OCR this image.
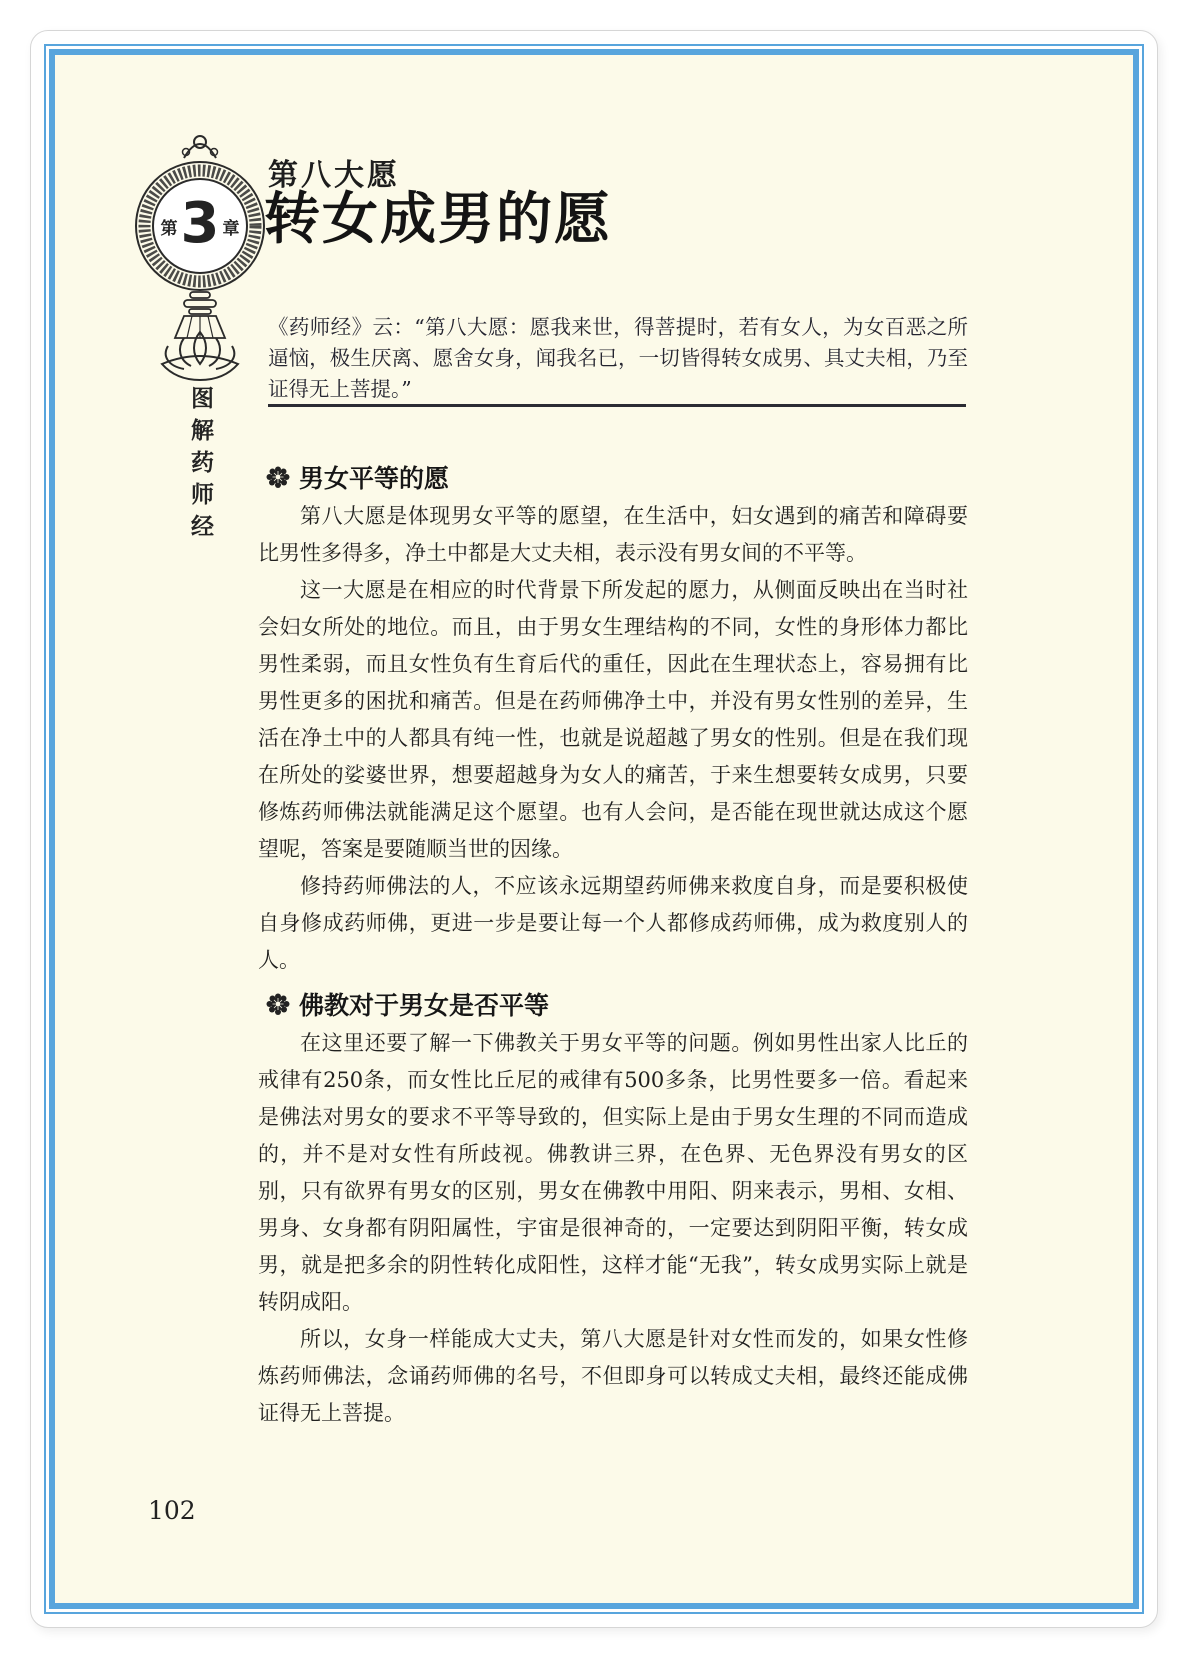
第 3 章
图解药师经
第八大愿
转女成男的愿
《药师经》云：“第八大愿：愿我来世，得菩提时，若有女人，为女百恶之所逼恼，极生厌离、愿舍女身，闻我名已，一切皆得转女成男、具丈夫相，乃至证得无上菩提。”
男女平等的愿

第八大愿是体现男女平等的愿望，在生活中，妇女遇到的痛苦和障碍要比男性多得多，净土中都是大丈夫相，表示没有男女间的不平等。

这一大愿是在相应的时代背景下所发起的愿力，从侧面反映出在当时社会妇女所处的地位。而且，由于男女生理结构的不同，女性的身形体力都比男性柔弱，而且女性负有生育后代的重任，因此在生理状态上，容易拥有比男性更多的困扰和痛苦。但是在药师佛净土中，并没有男女性别的差异，生活在净土中的人都具有纯一性，也就是说超越了男女的性别。但是在我们现在所处的娑婆世界，想要超越身为女人的痛苦，于来生想要转女成男，只要修炼药师佛法就能满足这个愿望。也有人会问，是否能在现世就达成这个愿望呢，答案是要随顺当世的因缘。

修持药师佛法的人，不应该永远期望药师佛来救度自身，而是要积极使自身修成药师佛，更进一步是要让每一个人都修成药师佛，成为救度别人的人。

佛教对于男女是否平等

在这里还要了解一下佛教关于男女平等的问题。例如男性出家人比丘的戒律有250条，而女性比丘尼的戒律有500多条，比男性要多一倍。看起来是佛法对男女的要求不平等导致的，但实际上是由于男女生理的不同而造成的，并不是对女性有所歧视。佛教讲三界，在色界、无色界没有男女的区别，只有欲界有男女的区别，男女在佛教中用阳、阴来表示，男相、女相、男身、女身都有阴阳属性，宇宙是很神奇的，一定要达到阴阳平衡，转女成男，就是把多余的阴性转化成阳性，这样才能“无我”，转女成男实际上就是转阴成阳。

所以，女身一样能成大丈夫，第八大愿是针对女性而发的，如果女性修炼药师佛法，念诵药师佛的名号，不但即身可以转成丈夫相，最终还能成佛证得无上菩提。

102
